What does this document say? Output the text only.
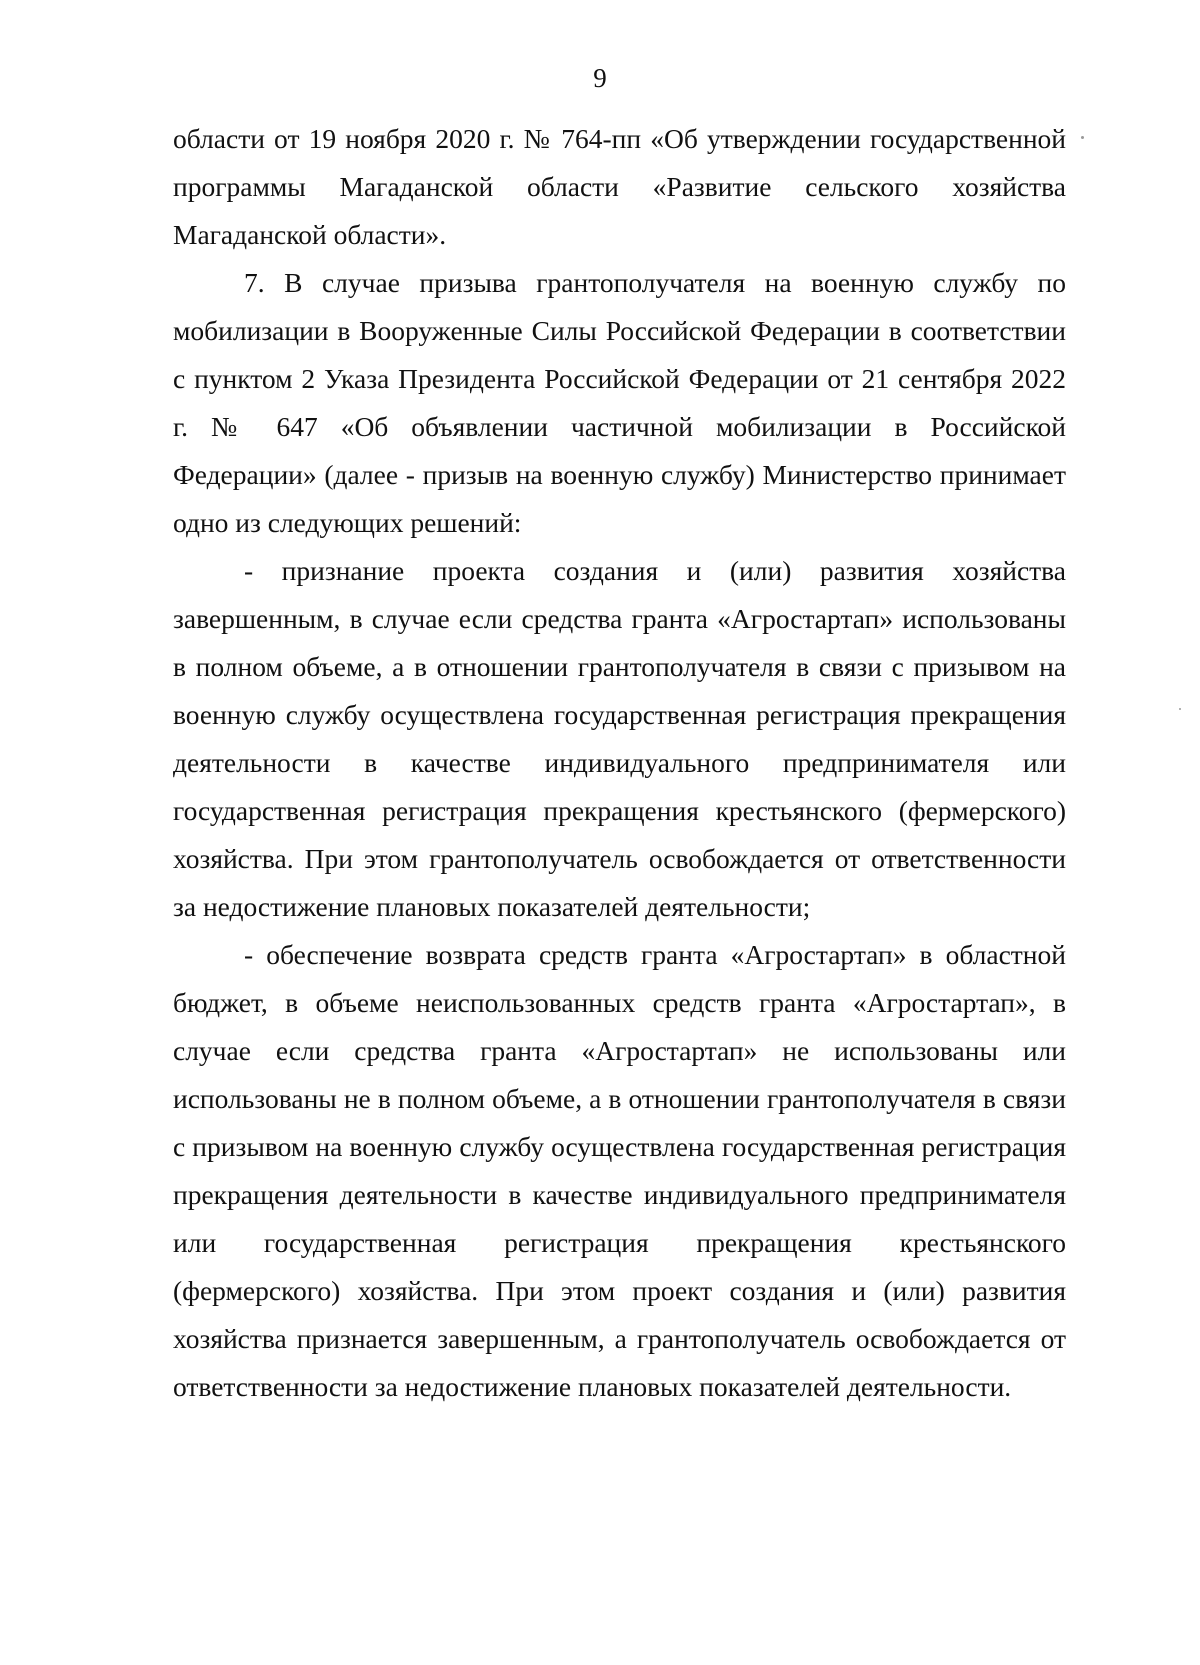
9

области от 19 ноября 2020 г. № 764-пп «Об утверждении государственной программы Магаданской области «Развитие сельского хозяйства Магаданской области».

7. В случае призыва грантополучателя на военную службу по мобилизации в Вооруженные Силы Российской Федерации в соответствии с пунктом 2 Указа Президента Российской Федерации от 21 сентября 2022 г. № 647 «Об объявлении частичной мобилизации в Российской Федерации» (далее - призыв на военную службу) Министерство принимает одно из следующих решений:

- признание проекта создания и (или) развития хозяйства завершенным, в случае если средства гранта «Агростартап» использованы в полном объеме, а в отношении грантополучателя в связи с призывом на военную службу осуществлена государственная регистрация прекращения деятельности в качестве индивидуального предпринимателя или государственная регистрация прекращения крестьянского (фермерского) хозяйства. При этом грантополучатель освобождается от ответственности за недостижение плановых показателей деятельности;

- обеспечение возврата средств гранта «Агростартап» в областной бюджет, в объеме неиспользованных средств гранта «Агростартап», в случае если средства гранта «Агростартап» не использованы или использованы не в полном объеме, а в отношении грантополучателя в связи с призывом на военную службу осуществлена государственная регистрация прекращения деятельности в качестве индивидуального предпринимателя или государственная регистрация прекращения крестьянского (фермерского) хозяйства. При этом проект создания и (или) развития хозяйства признается завершенным, а грантополучатель освобождается от ответственности за недостижение плановых показателей деятельности.
